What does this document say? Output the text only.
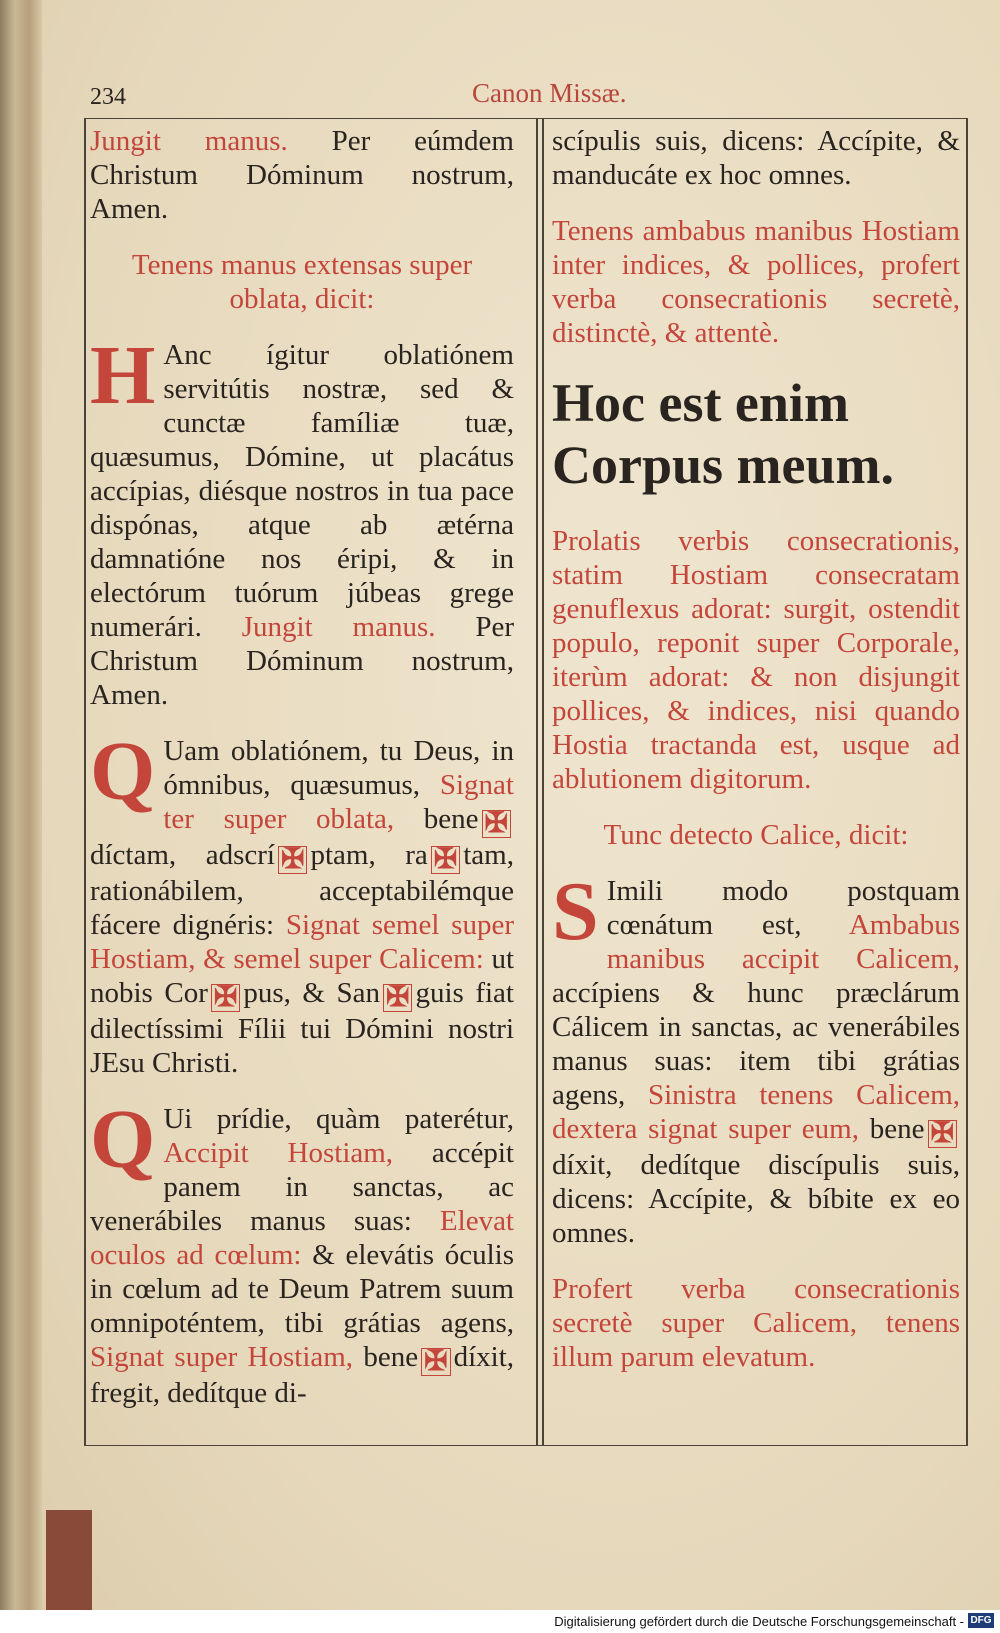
234	Canon Missæ.

Jungit manus. Per eúmdem Christum Dóminum nostrum, Amen.

Tenens manus extensas super oblata, dicit:

H Anc ígitur oblatiónem servitútis nostræ, sed & cunctæ famíliæ tuæ, quæsumus, Dómine, ut placátus accípias, diésque nostros in tua pace dispónas, atque ab ætérna damnatióne nos éripi, & in electórum tuórum júbeas grege numerári. Jungit manus. Per Christum Dóminum nostrum, Amen.

Q Uam oblatiónem, tu Deus, in ómnibus, quæsumus, Signat ter super oblata, bene ✠díctam, adscrí ✠ ptam, ra ✠ tam, rationábilem, acceptabilémque fácere dignéris: Signat semel super Hostiam, & semel super Calicem: ut nobis Cor ✠ pus, & San ✠ guis fiat dilectíssimi Fílii tui Dómini nostri JEsu Christi.

Q Ui prídie, quàm paterétur, Accipit Hostiam, accépit panem in sanctas, ac venerábiles manus suas: Elevat oculos ad cœlum: & elevátis óculis in cœlum ad te Deum Patrem suum omnipoténtem, tibi grátias agens, Signat super Hostiam, bene ✠ díxit, fregit, dedítque di-

scípulis suis, dicens: Accípite, & manducáte ex hoc omnes.

Tenens ambabus manibus Hostiam inter indices, & pollices, profert verba consecrationis secretè, distinctè, & attentè.

Hoc est enim Corpus meum.

Prolatis verbis consecrationis, statim Hostiam consecratam genuflexus adorat: surgit, ostendit populo, reponit super Corporale, iterùm adorat: & non disjungit pollices, & indices, nisi quando Hostia tractanda est, usque ad ablutionem digitorum.

Tunc detecto Calice, dicit:

S Imili modo postquam cœnátum est, Ambabus manibus accipit Calicem, accípiens & hunc præclárum Cálicem in sanctas, ac venerábiles manus suas: item tibi grátias agens, Sinistra tenens Calicem, dextera signat super eum, bene ✠díxit, dedítque discípulis suis, dicens: Accípite, & bíbite ex eo omnes.

Profert verba consecrationis secretè super Calicem, tenens illum parum elevatum.

Digitalisierung gefördert durch die Deutsche Forschungsgemeinschaft - DFG
